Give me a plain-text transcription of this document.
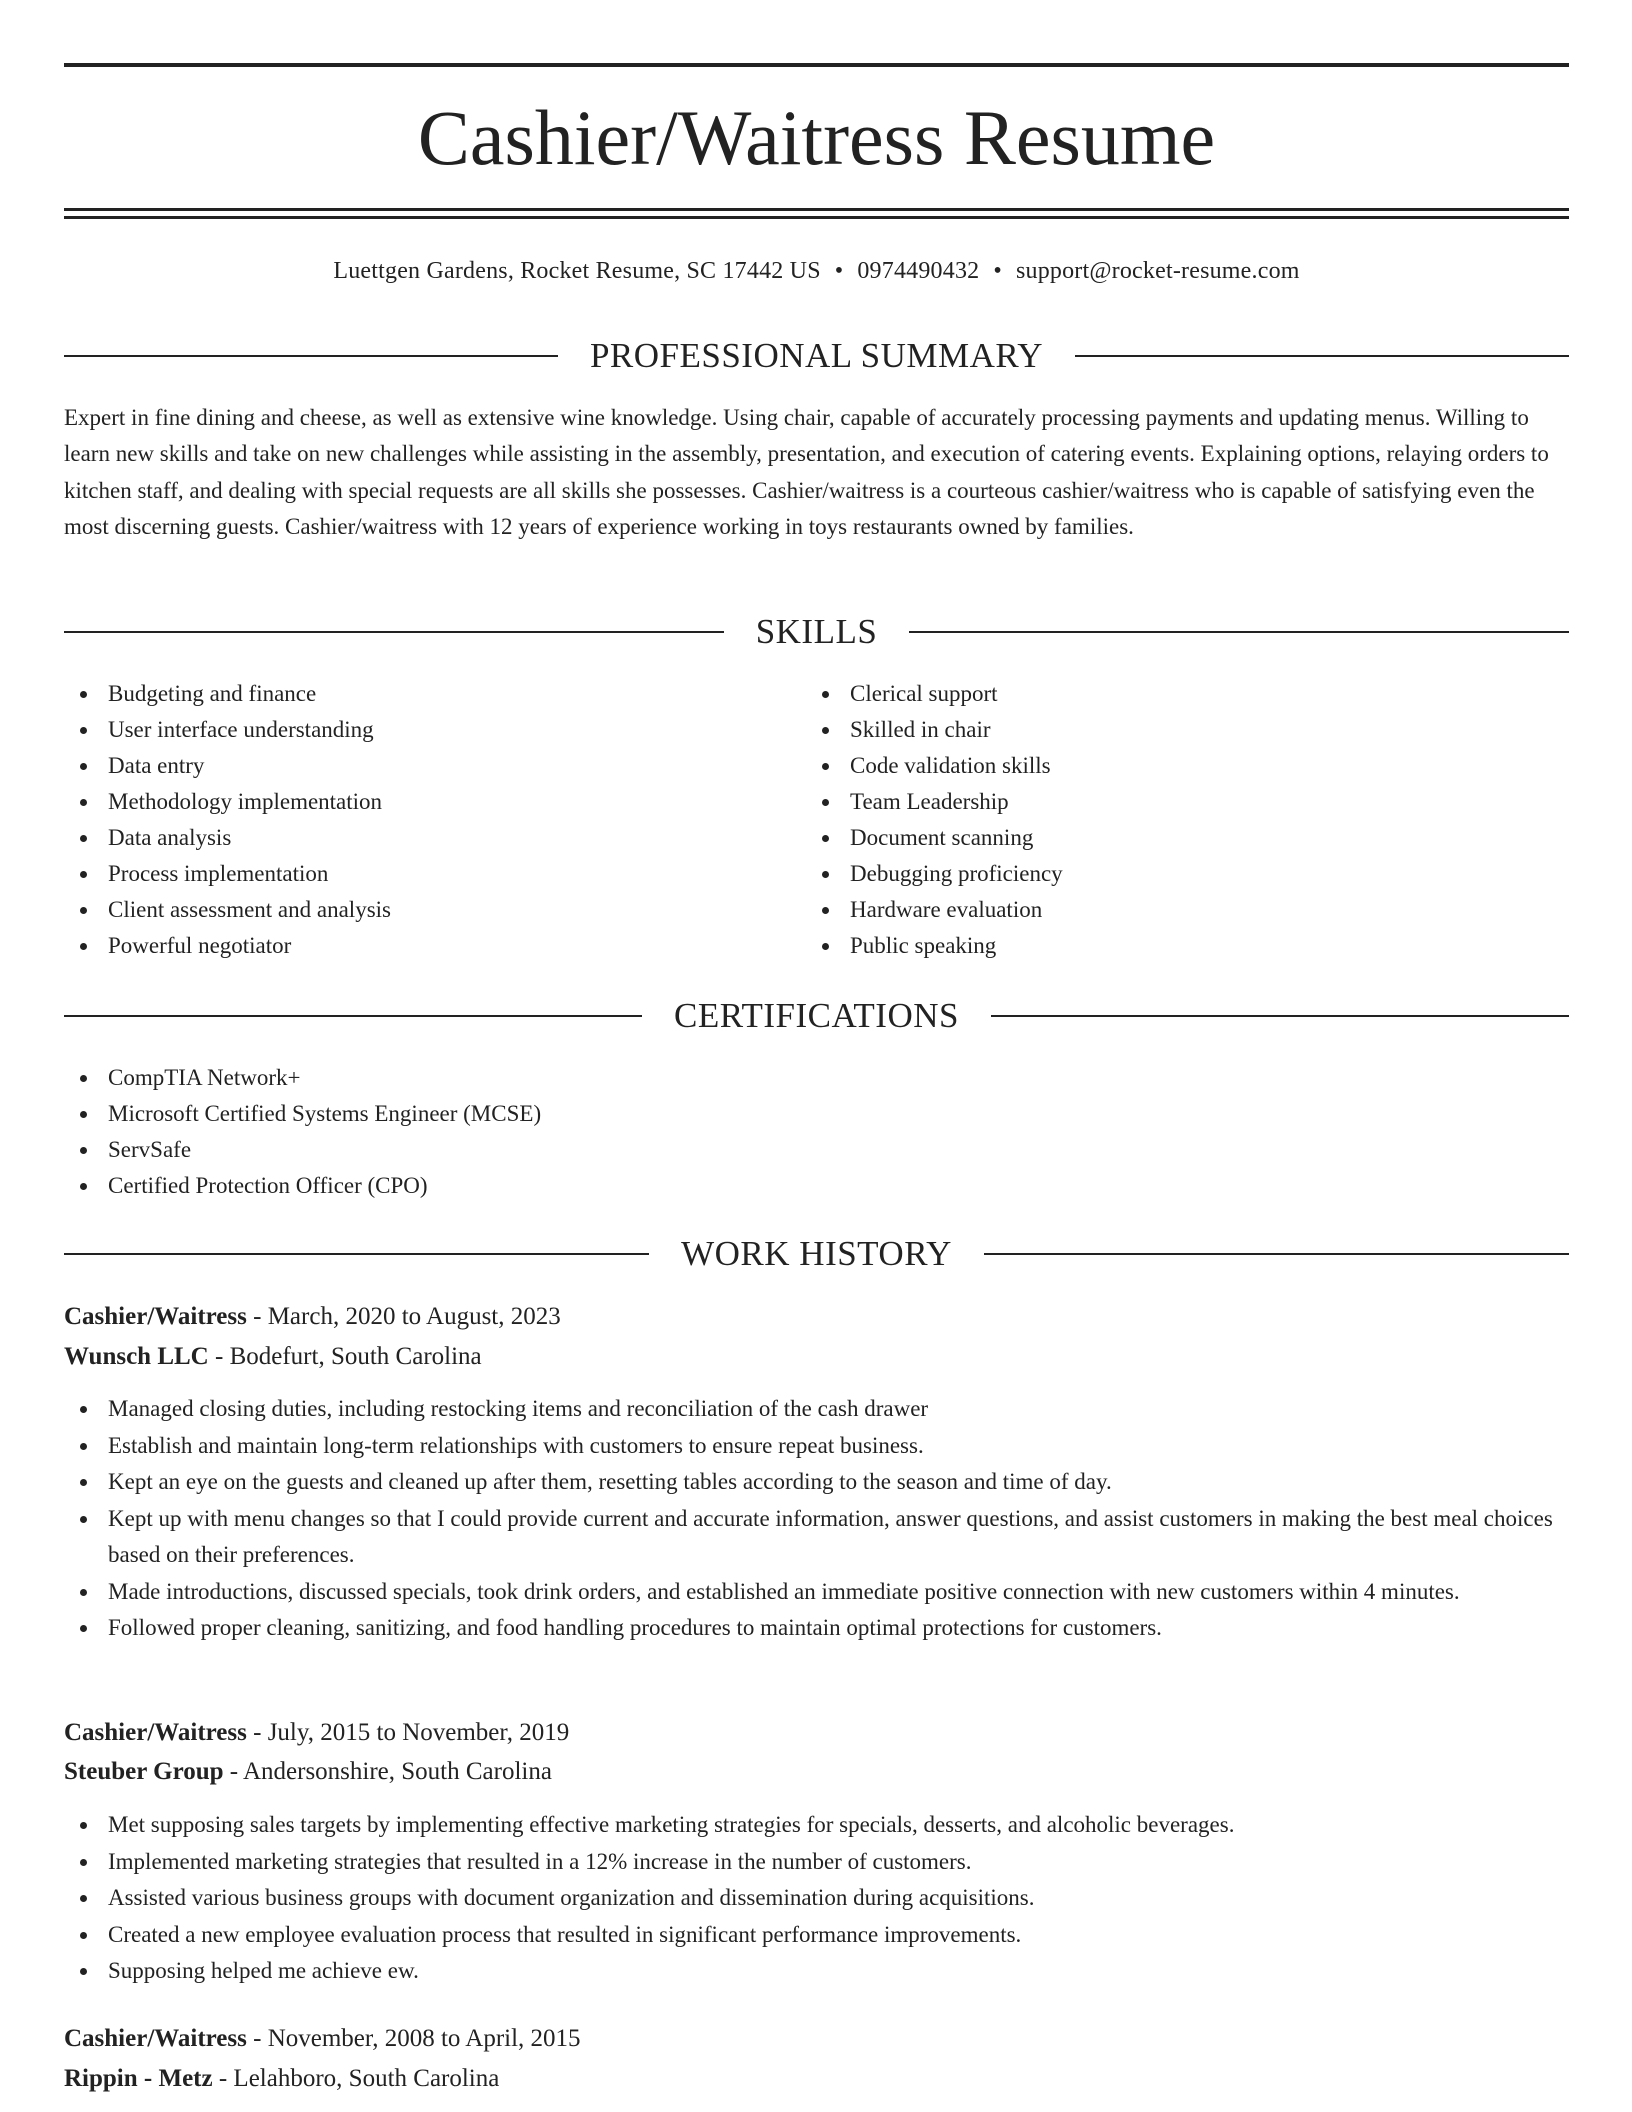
Cashier/Waitress Resume
Luettgen Gardens, Rocket Resume, SC 17442 US • 0974490432 • support@rocket-resume.com
PROFESSIONAL SUMMARY

Expert in fine dining and cheese, as well as extensive wine knowledge. Using chair, capable of accurately processing payments and updating menus. Willing to learn new skills and take on new challenges while assisting in the assembly, presentation, and execution of catering events. Explaining options, relaying orders to kitchen staff, and dealing with special requests are all skills she possesses. Cashier/waitress is a courteous cashier/waitress who is capable of satisfying even the most discerning guests. Cashier/waitress with 12 years of experience working in toys restaurants owned by families.

SKILLS
Budgeting and finance
User interface understanding
Data entry
Methodology implementation
Data analysis
Process implementation
Client assessment and analysis
Powerful negotiator
Clerical support
Skilled in chair
Code validation skills
Team Leadership
Document scanning
Debugging proficiency
Hardware evaluation
Public speaking
CERTIFICATIONS
CompTIA Network+
Microsoft Certified Systems Engineer (MCSE)
ServSafe
Certified Protection Officer (CPO)
WORK HISTORY
Cashier/Waitress - March, 2020 to August, 2023
Wunsch LLC - Bodefurt, South Carolina
Managed closing duties, including restocking items and reconciliation of the cash drawer
Establish and maintain long-term relationships with customers to ensure repeat business.
Kept an eye on the guests and cleaned up after them, resetting tables according to the season and time of day.
Kept up with menu changes so that I could provide current and accurate information, answer questions, and assist customers in making the best meal choices based on their preferences.
Made introductions, discussed specials, took drink orders, and established an immediate positive connection with new customers within 4 minutes.
Followed proper cleaning, sanitizing, and food handling procedures to maintain optimal protections for customers.
Cashier/Waitress - July, 2015 to November, 2019
Steuber Group - Andersonshire, South Carolina
Met supposing sales targets by implementing effective marketing strategies for specials, desserts, and alcoholic beverages.
Implemented marketing strategies that resulted in a 12% increase in the number of customers.
Assisted various business groups with document organization and dissemination during acquisitions.
Created a new employee evaluation process that resulted in significant performance improvements.
Supposing helped me achieve ew.
Cashier/Waitress - November, 2008 to April, 2015
Rippin - Metz - Lelahboro, South Carolina
